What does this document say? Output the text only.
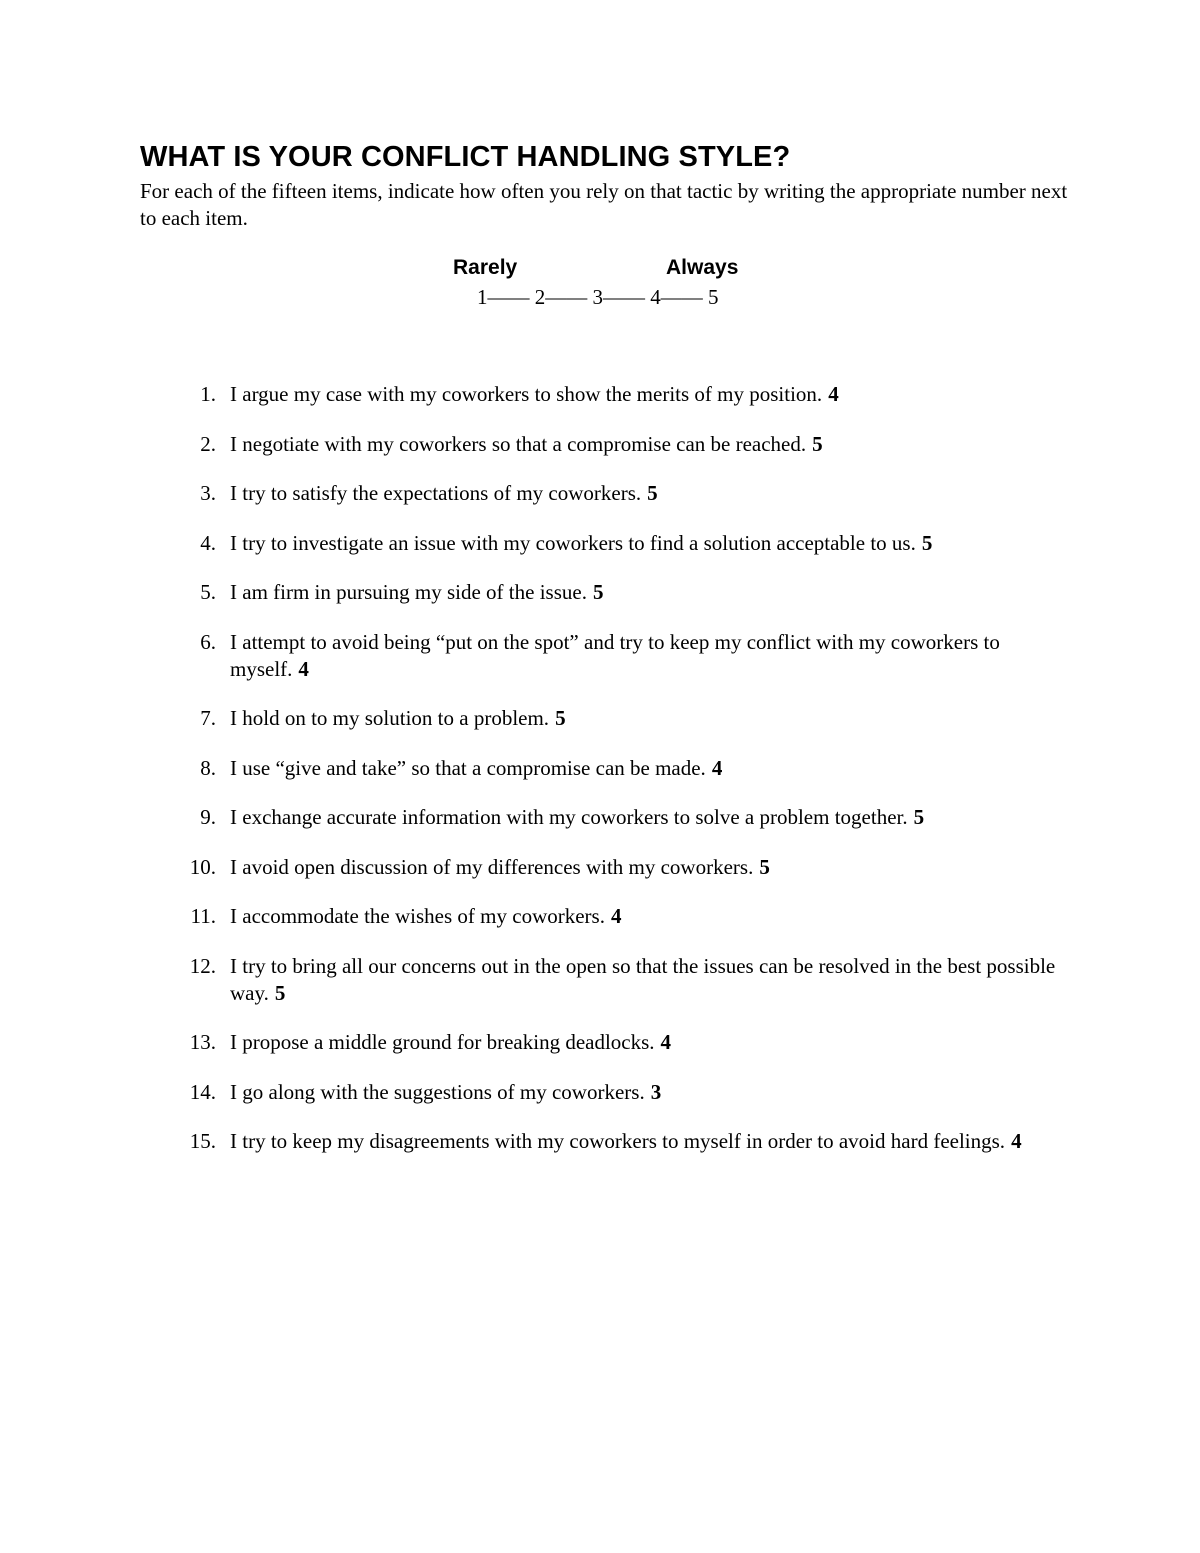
WHAT IS YOUR CONFLICT HANDLING STYLE?
For each of the fifteen items, indicate how often you rely on that tactic by writing the appropriate number next to each item.
Rarely	Always
1—— 2—— 3—— 4—— 5
1. I argue my case with my coworkers to show the merits of my position. 4
2. I negotiate with my coworkers so that a compromise can be reached. 5
3. I try to satisfy the expectations of my coworkers. 5
4. I try to investigate an issue with my coworkers to find a solution acceptable to us. 5
5. I am firm in pursuing my side of the issue. 5
6. I attempt to avoid being “put on the spot” and try to keep my conflict with my coworkers to myself. 4
7. I hold on to my solution to a problem. 5
8. I use “give and take” so that a compromise can be made. 4
9. I exchange accurate information with my coworkers to solve a problem together. 5
10. I avoid open discussion of my differences with my coworkers. 5
11. I accommodate the wishes of my coworkers. 4
12. I try to bring all our concerns out in the open so that the issues can be resolved in the best possible way. 5
13. I propose a middle ground for breaking deadlocks. 4
14. I go along with the suggestions of my coworkers. 3
15. I try to keep my disagreements with my coworkers to myself in order to avoid hard feelings. 4
